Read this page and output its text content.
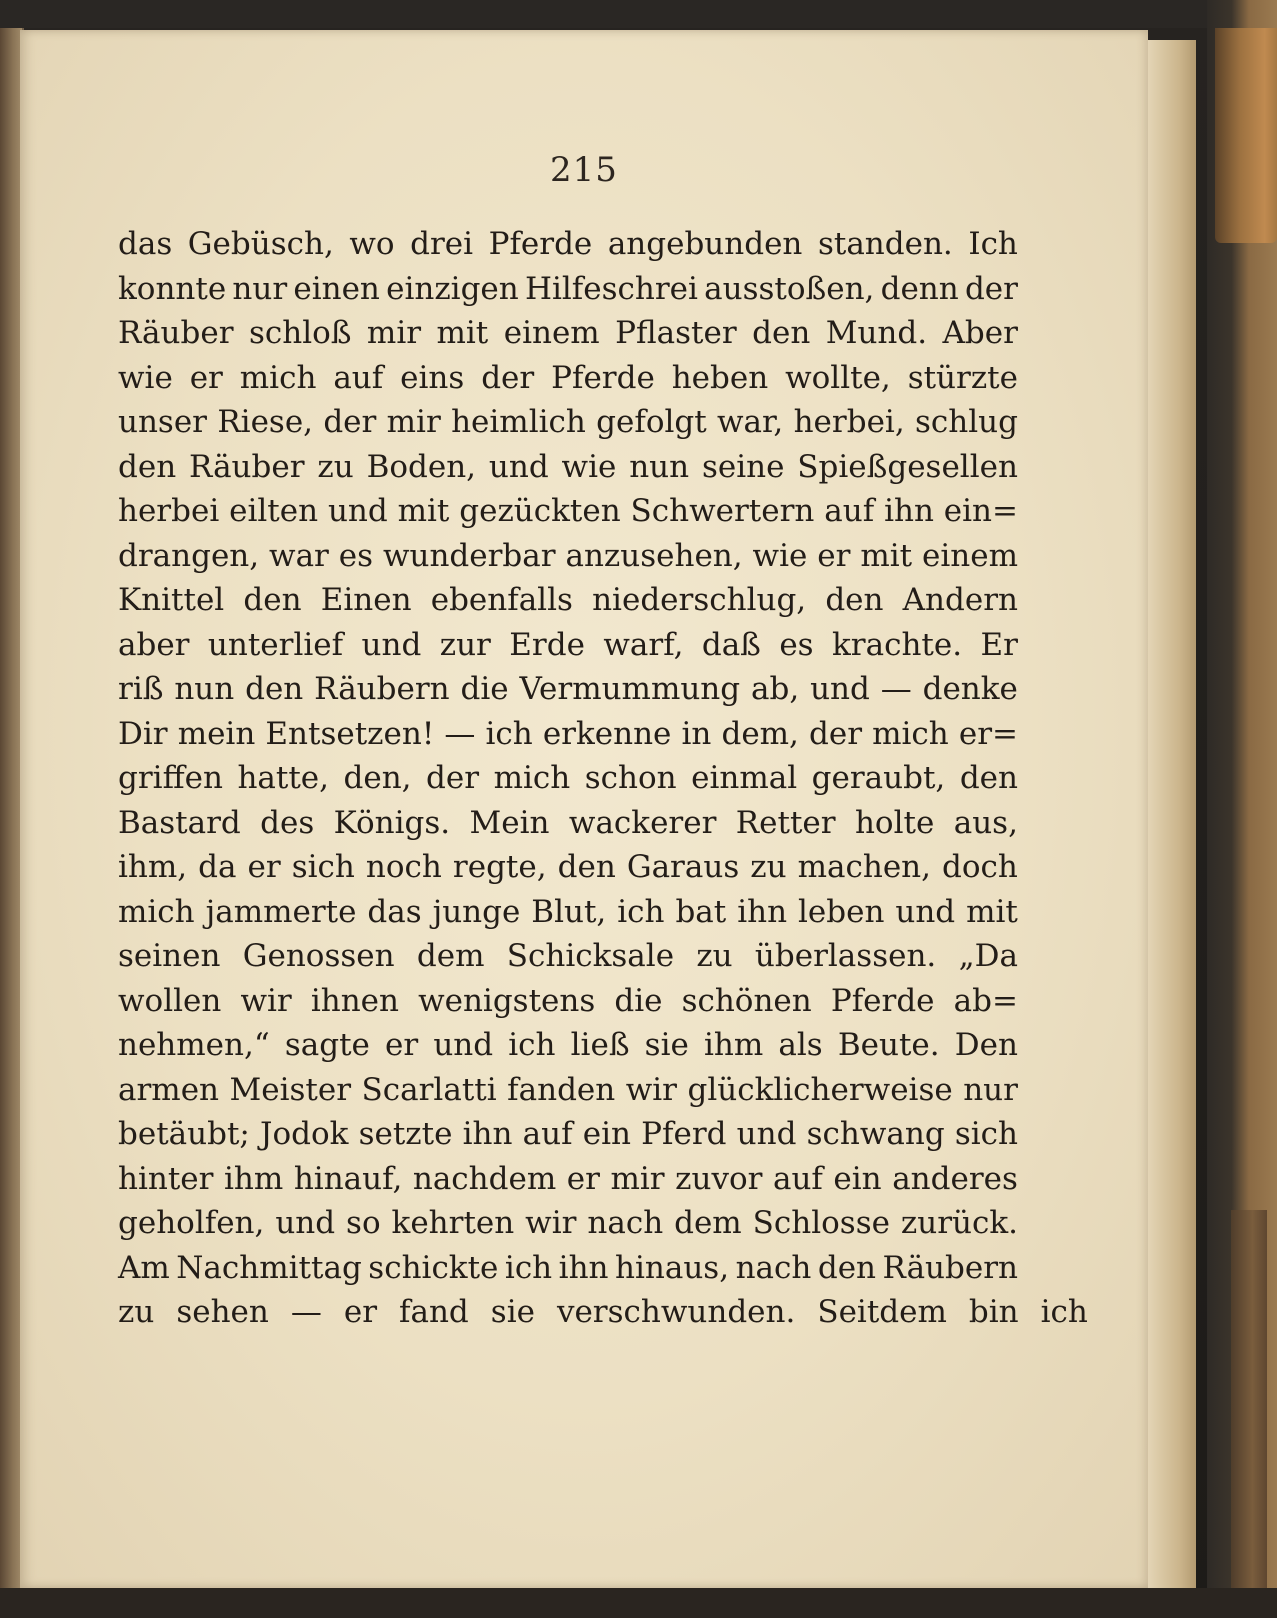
215
das Gebüsch, wo drei Pferde angebunden standen. Ich
konnte nur einen einzigen Hilfeschrei ausstoßen, denn der
Räuber schloß mir mit einem Pflaster den Mund. Aber
wie er mich auf eins der Pferde heben wollte, stürzte
unser Riese, der mir heimlich gefolgt war, herbei, schlug
den Räuber zu Boden, und wie nun seine Spießgesellen
herbei eilten und mit gezückten Schwertern auf ihn ein=
drangen, war es wunderbar anzusehen, wie er mit einem
Knittel den Einen ebenfalls niederschlug, den Andern
aber unterlief und zur Erde warf, daß es krachte. Er
riß nun den Räubern die Vermummung ab, und — denke
Dir mein Entsetzen! — ich erkenne in dem, der mich er=
griffen hatte, den, der mich schon einmal geraubt, den
Bastard des Königs. Mein wackerer Retter holte aus,
ihm, da er sich noch regte, den Garaus zu machen, doch
mich jammerte das junge Blut, ich bat ihn leben und mit
seinen Genossen dem Schicksale zu überlassen. „Da
wollen wir ihnen wenigstens die schönen Pferde ab=
nehmen,“ sagte er und ich ließ sie ihm als Beute. Den
armen Meister Scarlatti fanden wir glücklicherweise nur
betäubt; Jodok setzte ihn auf ein Pferd und schwang sich
hinter ihm hinauf, nachdem er mir zuvor auf ein anderes
geholfen, und so kehrten wir nach dem Schlosse zurück.
Am Nachmittag schickte ich ihn hinaus, nach den Räubern
zu sehen — er fand sie verschwunden. Seitdem bin ich
